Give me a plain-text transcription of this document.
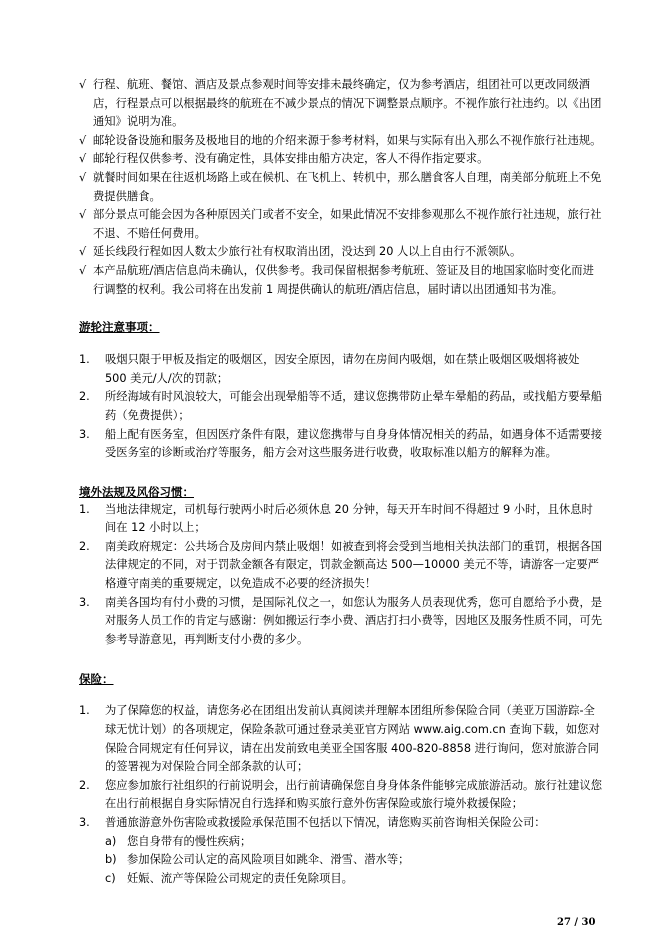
√ 行程、航班、餐馆、酒店及景点参观时间等安排未最终确定，仅为参考酒店，组团社可以更改同级酒店，行程景点可以根据最终的航班在不减少景点的情况下调整景点顺序。不视作旅行社违约。以《出团通知》说明为准。
√ 邮轮设备设施和服务及极地目的地的介绍来源于参考材料，如果与实际有出入那么不视作旅行社违规。
√ 邮轮行程仅供参考、没有确定性，具体安排由船方决定，客人不得作指定要求。
√ 就餐时间如果在往返机场路上或在候机、在飞机上、转机中，那么膳食客人自理，南美部分航班上不免费提供膳食。
√ 部分景点可能会因为各种原因关门或者不安全，如果此情况不安排参观那么不视作旅行社违规，旅行社不退、不赔任何费用。
√ 延长线段行程如因人数太少旅行社有权取消出团，没达到 20 人以上自由行不派领队。
√ 本产品航班/酒店信息尚未确认，仅供参考。我司保留根据参考航班、签证及目的地国家临时变化而进行调整的权利。我公司将在出发前 1 周提供确认的航班/酒店信息，届时请以出团通知书为准。
游轮注意事项：
1. 吸烟只限于甲板及指定的吸烟区，因安全原因，请勿在房间内吸烟，如在禁止吸烟区吸烟将被处 500 美元/人/次的罚款；
2. 所经海域有时风浪较大，可能会出现晕船等不适，建议您携带防止晕车晕船的药品，或找船方要晕船药（免费提供）；
3. 船上配有医务室，但因医疗条件有限，建议您携带与自身身体情况相关的药品，如遇身体不适需要接受医务室的诊断或治疗等服务，船方会对这些服务进行收费，收取标准以船方的解释为准。
境外法规及风俗习惯：
1. 当地法律规定，司机每行驶两小时后必须休息 20 分钟，每天开车时间不得超过 9 小时，且休息时间在 12 小时以上；
2. 南美政府规定：公共场合及房间内禁止吸烟！如被查到将会受到当地相关执法部门的重罚，根据各国法律规定的不同，对于罚款金额各有限定，罚款金额高达 500—10000 美元不等，请游客一定要严格遵守南美的重要规定，以免造成不必要的经济损失！
3. 南美各国均有付小费的习惯，是国际礼仪之一，如您认为服务人员表现优秀，您可自愿给予小费，是对服务人员工作的肯定与感谢：例如搬运行李小费、酒店打扫小费等，因地区及服务性质不同，可先参考导游意见，再判断支付小费的多少。
保险：
1. 为了保障您的权益，请您务必在团组出发前认真阅读并理解本团组所参保险合同（美亚万国游踪-全球无忧计划）的各项规定，保险条款可通过登录美亚官方网站 www.aig.com.cn 查询下载，如您对保险合同规定有任何异议，请在出发前致电美亚全国客服 400-820-8858 进行询问，您对旅游合同的签署视为对保险合同全部条款的认可；
2. 您应参加旅行社组织的行前说明会，出行前请确保您自身身体条件能够完成旅游活动。旅行社建议您在出行前根据自身实际情况自行选择和购买旅行意外伤害保险或旅行境外救援保险；
3. 普通旅游意外伤害险或救援险承保范围不包括以下情况，请您购买前咨询相关保险公司：
a) 您自身带有的慢性疾病；
b) 参加保险公司认定的高风险项目如跳伞、滑雪、潜水等；
c) 妊娠、流产等保险公司规定的责任免除项目。
27 / 30
